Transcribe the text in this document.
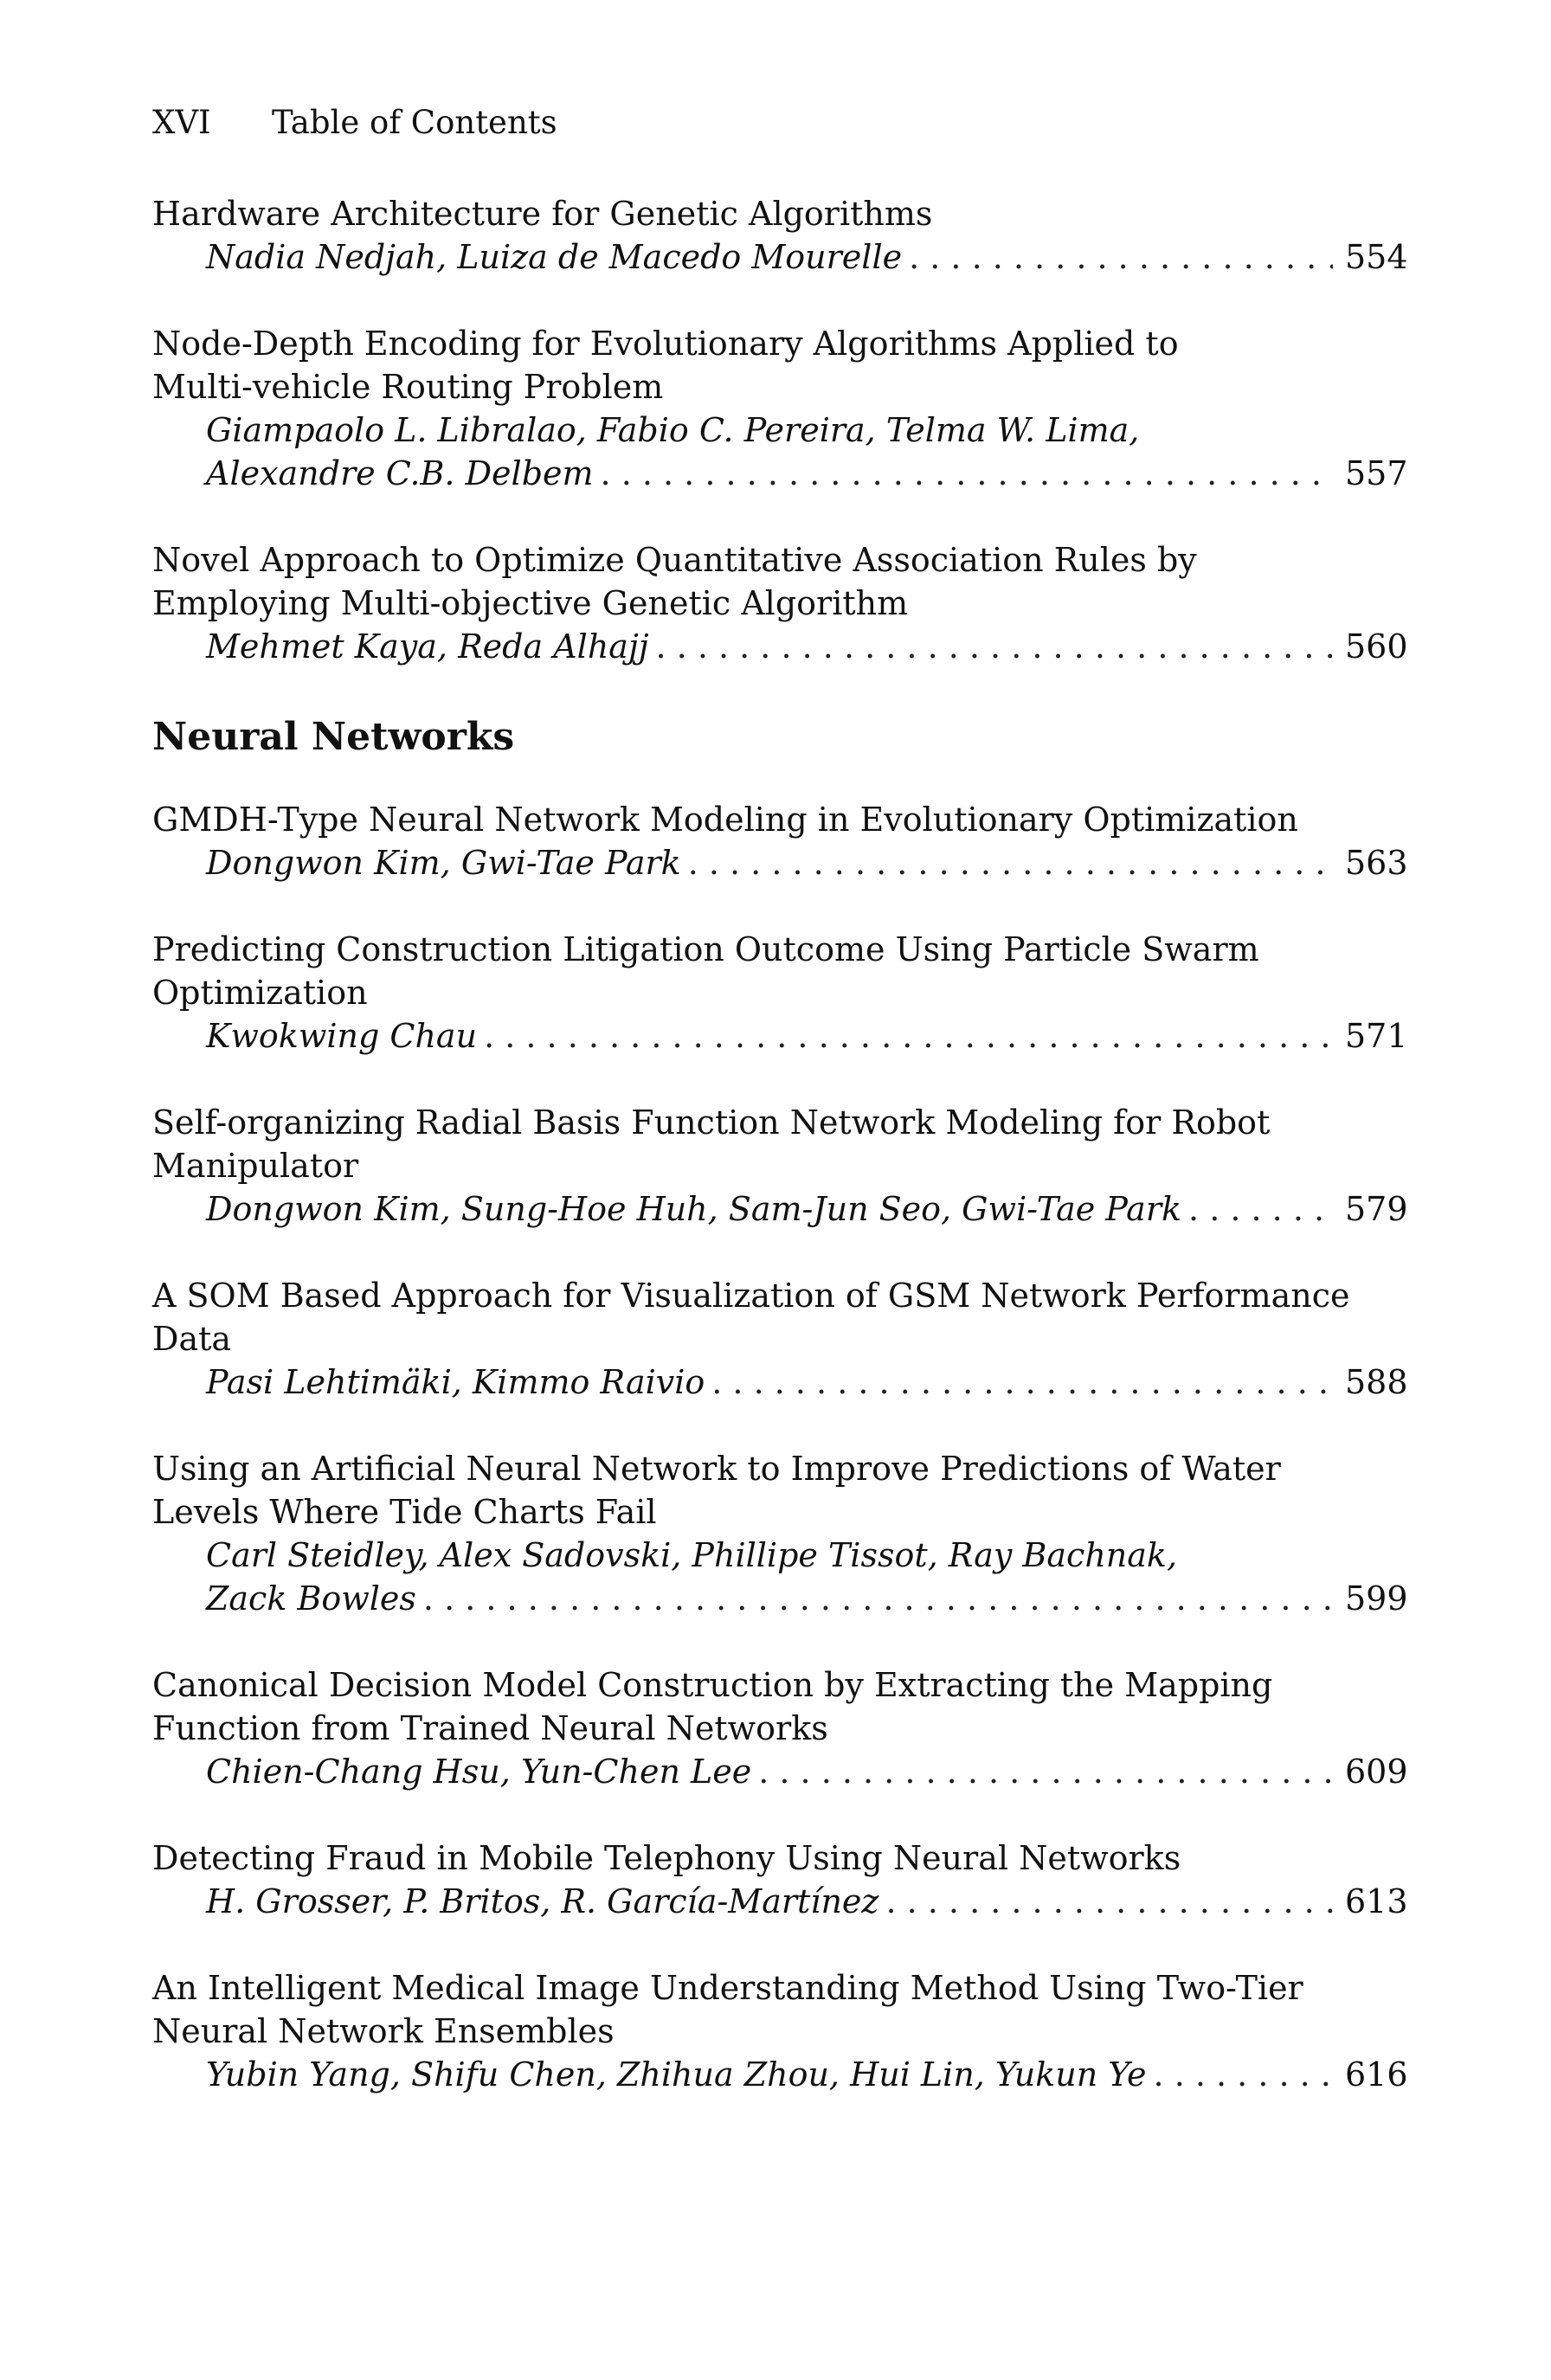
XVI Table of Contents
Hardware Architecture for Genetic Algorithms
Nadia Nedjah, Luiza de Macedo Mourelle . . .	554
Node-Depth Encoding for Evolutionary Algorithms Applied to
Multi-vehicle Routing Problem
Giampaolo L. Libralao, Fabio C. Pereira, Telma W. Lima,
Alexandre C.B. Delbem . . .	557
Novel Approach to Optimize Quantitative Association Rules by
Employing Multi-objective Genetic Algorithm
Mehmet Kaya, Reda Alhajj . . .	560
Neural Networks
GMDH-Type Neural Network Modeling in Evolutionary Optimization
Dongwon Kim, Gwi-Tae Park . . .	563
Predicting Construction Litigation Outcome Using Particle Swarm
Optimization
Kwokwing Chau . . .	571
Self-organizing Radial Basis Function Network Modeling for Robot
Manipulator
Dongwon Kim, Sung-Hoe Huh, Sam-Jun Seo, Gwi-Tae Park . . .	579
A SOM Based Approach for Visualization of GSM Network Performance
Data
Pasi Lehtimäki, Kimmo Raivio . . .	588
Using an Artificial Neural Network to Improve Predictions of Water
Levels Where Tide Charts Fail
Carl Steidley, Alex Sadovski, Phillipe Tissot, Ray Bachnak,
Zack Bowles . . .	599
Canonical Decision Model Construction by Extracting the Mapping
Function from Trained Neural Networks
Chien-Chang Hsu, Yun-Chen Lee . . .	609
Detecting Fraud in Mobile Telephony Using Neural Networks
H. Grosser, P. Britos, R. García-Martínez . . .	613
An Intelligent Medical Image Understanding Method Using Two-Tier
Neural Network Ensembles
Yubin Yang, Shifu Chen, Zhihua Zhou, Hui Lin, Yukun Ye . . .	616
